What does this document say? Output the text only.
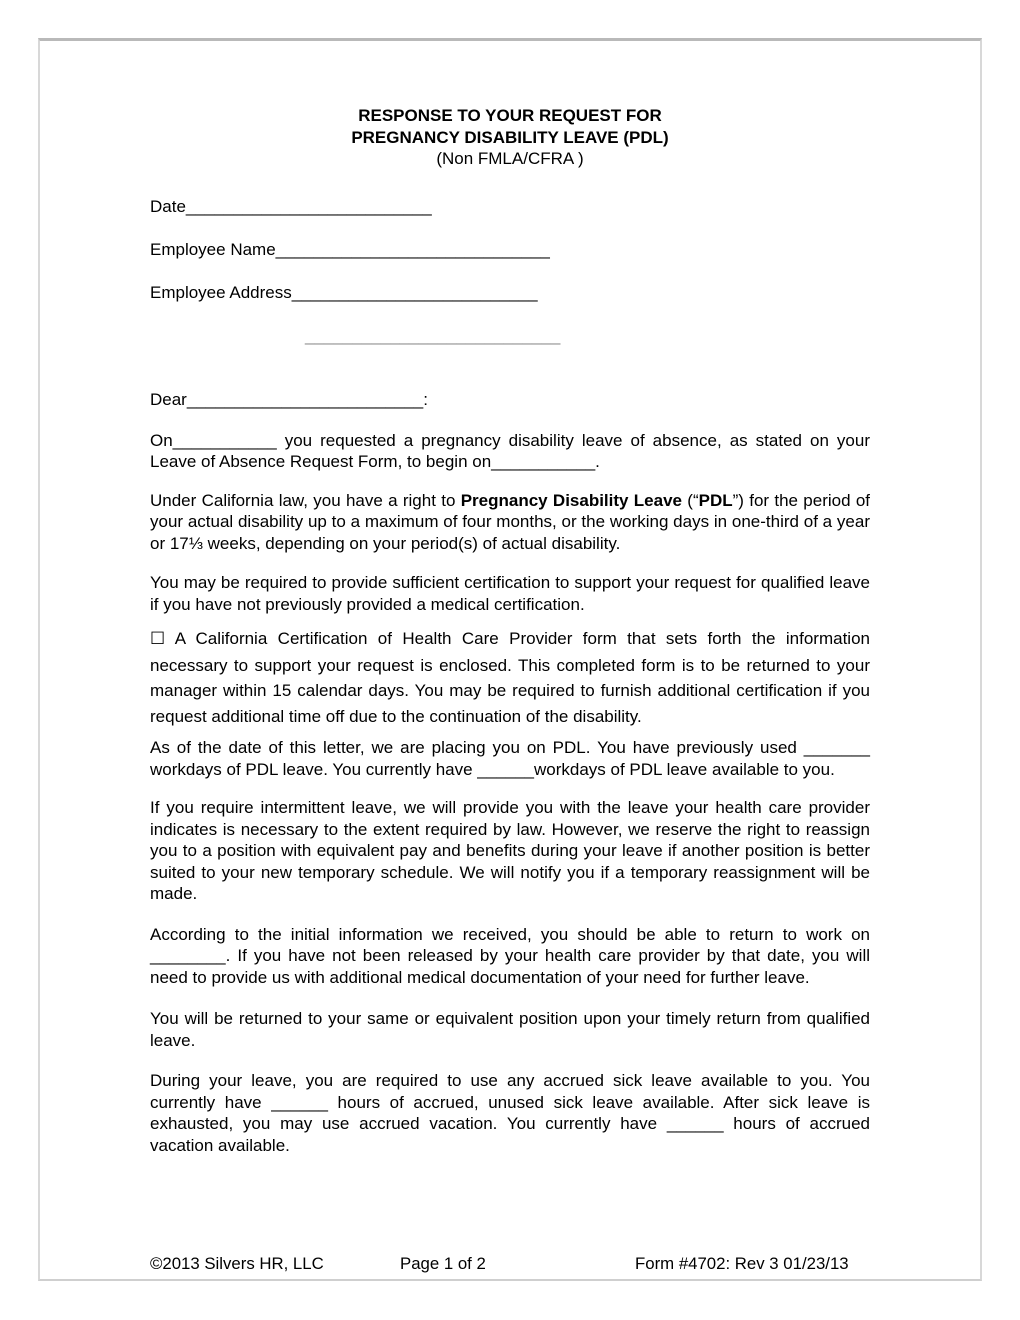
RESPONSE TO YOUR REQUEST FOR
PREGNANCY DISABILITY LEAVE (PDL)
(Non FMLA/CFRA )
Date__________________________
Employee Name_____________________________
Employee Address__________________________
___________________________
Dear_________________________:

On___________ you requested a pregnancy disability leave of absence, as stated on your Leave of Absence Request Form, to begin on___________.

Under California law, you have a right to Pregnancy Disability Leave (“PDL”) for the period of your actual disability up to a maximum of four months, or the working days in one-third of a year or 17⅓ weeks, depending on your period(s) of actual disability.

You may be required to provide sufficient certification to support your request for qualified leave if you have not previously provided a medical certification.

☐ A California Certification of Health Care Provider form that sets forth the information necessary to support your request is enclosed. This completed form is to be returned to your manager within 15 calendar days. You may be required to furnish additional certification if you request additional time off due to the continuation of the disability.

As of the date of this letter, we are placing you on PDL. You have previously used _______ workdays of PDL leave. You currently have ______workdays of PDL leave available to you.

If you require intermittent leave, we will provide you with the leave your health care provider indicates is necessary to the extent required by law. However, we reserve the right to reassign you to a position with equivalent pay and benefits during your leave if another position is better suited to your new temporary schedule. We will notify you if a temporary reassignment will be made.

According to the initial information we received, you should be able to return to work on ________. If you have not been released by your health care provider by that date, you will need to provide us with additional medical documentation of your need for further leave.

You will be returned to your same or equivalent position upon your timely return from qualified leave.

During your leave, you are required to use any accrued sick leave available to you. You currently have ______ hours of accrued, unused sick leave available. After sick leave is exhausted, you may use accrued vacation. You currently have ______ hours of accrued vacation available.

©2013 Silvers HR, LLC	Page 1 of 2	Form #4702: Rev 3 01/23/13
